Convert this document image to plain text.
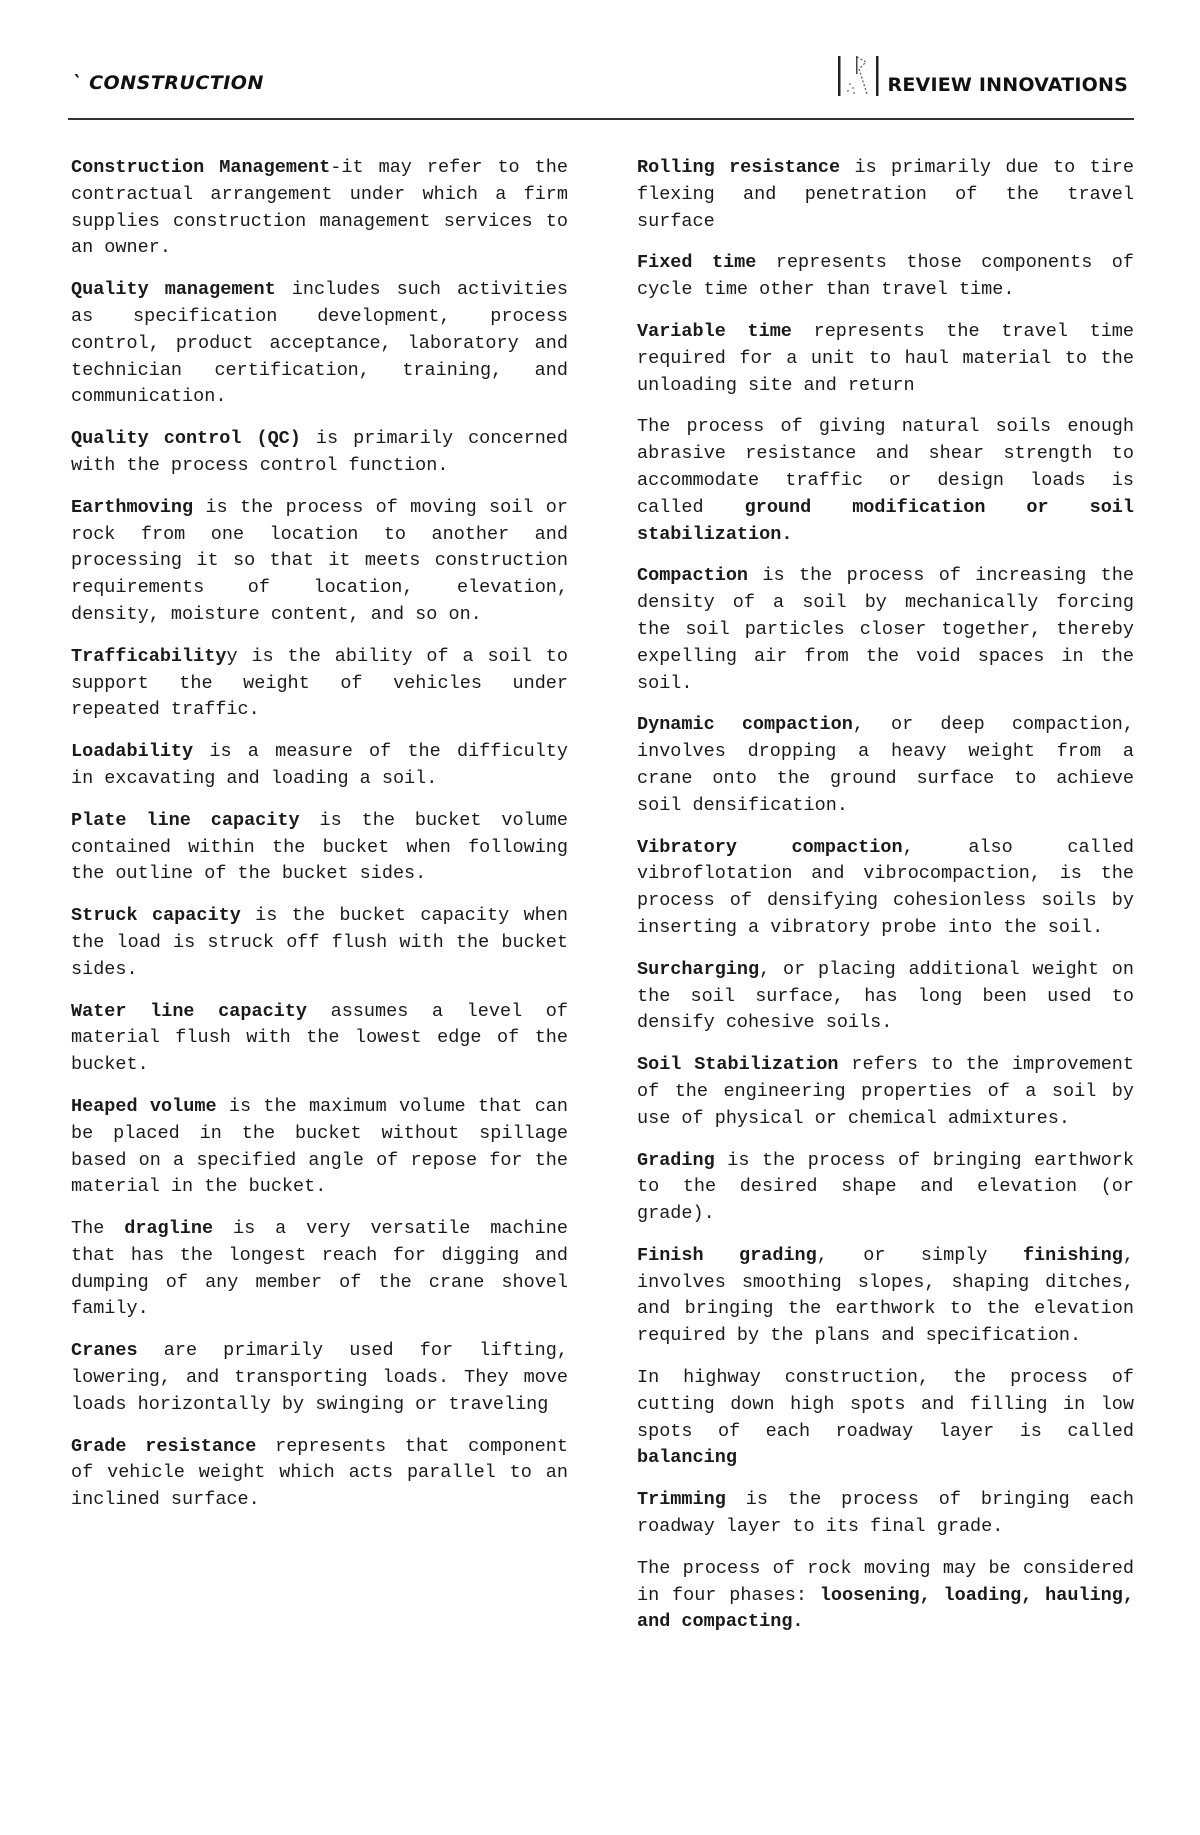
` CONSTRUCTION	REVIEW INNOVATIONS

Construction Management-it may refer to the contractual arrangement under which a firm supplies construction management services to an owner.

Quality management includes such activities as specification development, process control, product acceptance, laboratory and technician certification, training, and communication.

Quality control (QC) is primarily concerned with the process control function.

Earthmoving is the process of moving soil or rock from one location to another and processing it so that it meets construction requirements of location, elevation, density, moisture content, and so on.

Trafficabilityy is the ability of a soil to support the weight of vehicles under repeated traffic.

Loadability is a measure of the difficulty in excavating and loading a soil.

Plate line capacity is the bucket volume contained within the bucket when following the outline of the bucket sides.

Struck capacity is the bucket capacity when the load is struck off flush with the bucket sides.

Water line capacity assumes a level of material flush with the lowest edge of the bucket.

Heaped volume is the maximum volume that can be placed in the bucket without spillage based on a specified angle of repose for the material in the bucket.

The dragline is a very versatile machine that has the longest reach for digging and dumping of any member of the crane shovel family.

Cranes are primarily used for lifting, lowering, and transporting loads. They move loads horizontally by swinging or traveling

Grade resistance represents that component of vehicle weight which acts parallel to an inclined surface.

Rolling resistance is primarily due to tire flexing and penetration of the travel surface

Fixed time represents those components of cycle time other than travel time.

Variable time represents the travel time required for a unit to haul material to the unloading site and return

The process of giving natural soils enough abrasive resistance and shear strength to accommodate traffic or design loads is called ground modification or soil stabilization.

Compaction is the process of increasing the density of a soil by mechanically forcing the soil particles closer together, thereby expelling air from the void spaces in the soil.

Dynamic compaction, or deep compaction, involves dropping a heavy weight from a crane onto the ground surface to achieve soil densification.

Vibratory compaction, also called vibroflotation and vibrocompaction, is the process of densifying cohesionless soils by inserting a vibratory probe into the soil.

Surcharging, or placing additional weight on the soil surface, has long been used to densify cohesive soils.

Soil Stabilization refers to the improvement of the engineering properties of a soil by use of physical or chemical admixtures.

Grading is the process of bringing earthwork to the desired shape and elevation (or grade).

Finish grading, or simply finishing, involves smoothing slopes, shaping ditches, and bringing the earthwork to the elevation required by the plans and specification.

In highway construction, the process of cutting down high spots and filling in low spots of each roadway layer is called balancing

Trimming is the process of bringing each roadway layer to its final grade.

The process of rock moving may be considered in four phases: loosening, loading, hauling, and compacting.
